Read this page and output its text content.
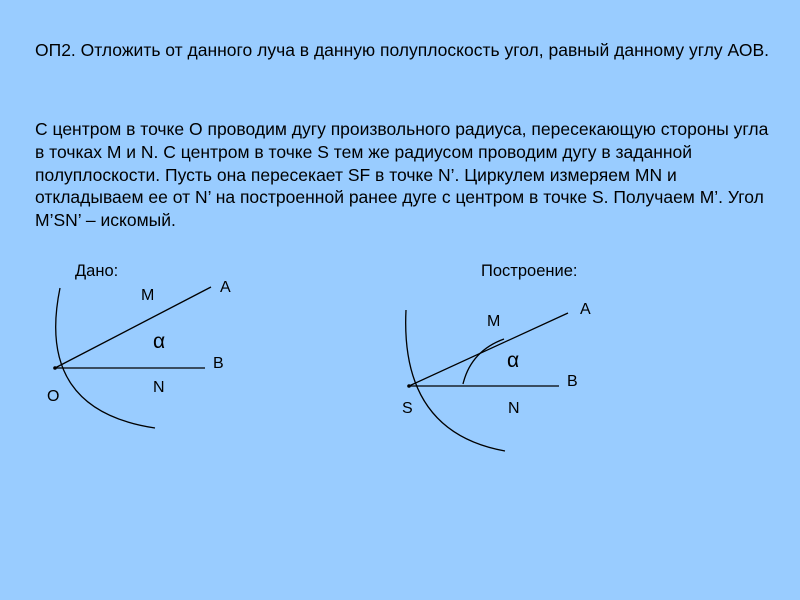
ОП2. Отложить от данного луча в данную полуплоскость угол, равный данному углу АОВ.
С центром в точке О проводим дугу произвольного радиуса, пересекающую стороны угла в точках М и N. С центром в точке S тем же радиусом проводим дугу в заданной полуплоскости. Пусть она пересекает SF в точке N’. Циркулем измеряем MN и откладываем ее от N’ на построенной ранее дуге с центром в точке S. Получаем М’. Угол M’SN’ – искомый.
Дано:
М	А
α
В
О
N
Построение:
М
А
α
В
S	N
